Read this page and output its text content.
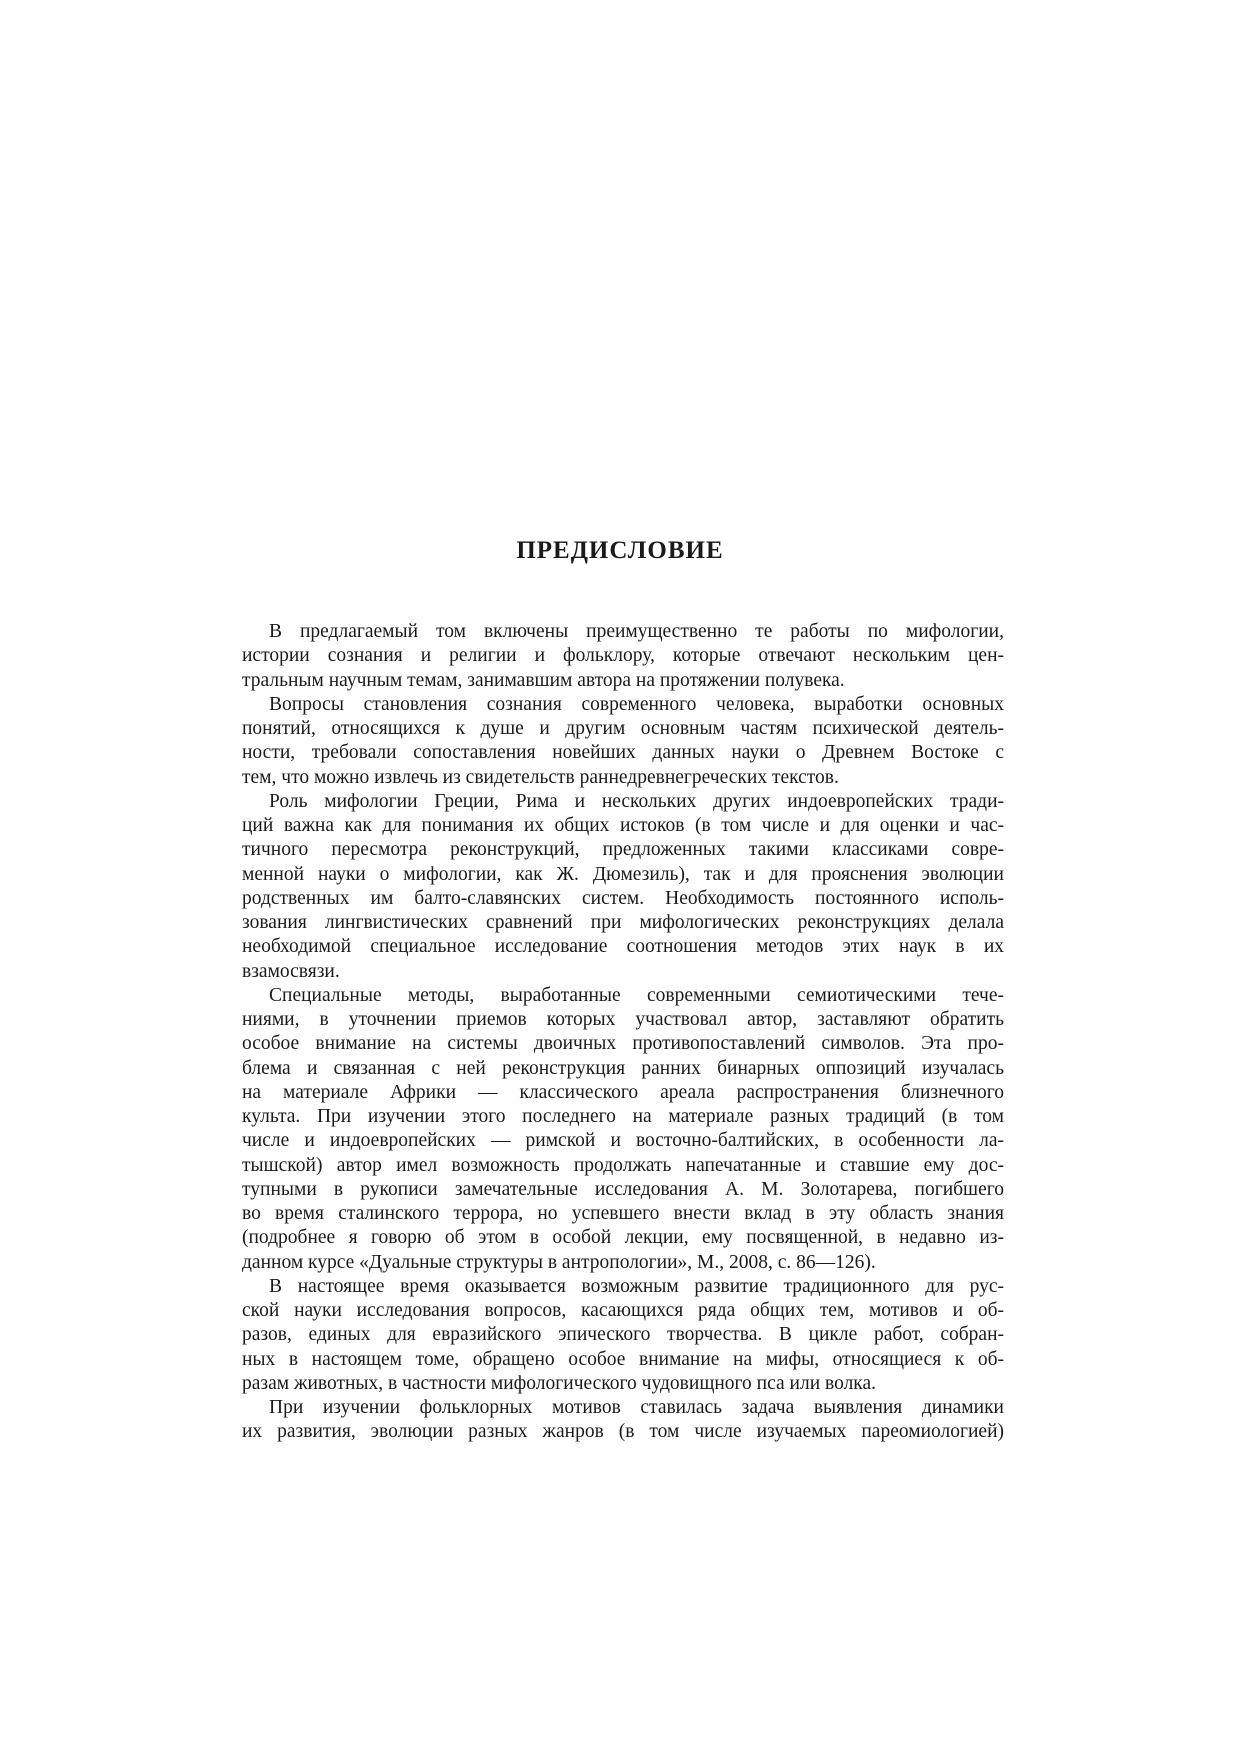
ПРЕДИСЛОВИЕ
В предлагаемый том включены преимущественно те работы по мифологии,
истории сознания и религии и фольклору, которые отвечают нескольким цен-
тральным научным темам, занимавшим автора на протяжении полувека.
Вопросы становления сознания современного человека, выработки основных
понятий, относящихся к душе и другим основным частям психической деятель-
ности, требовали сопоставления новейших данных науки о Древнем Востоке с
тем, что можно извлечь из свидетельств раннедревнегреческих текстов.
Роль мифологии Греции, Рима и нескольких других индоевропейских тради-
ций важна как для понимания их общих истоков (в том числе и для оценки и час-
тичного пересмотра реконструкций, предложенных такими классиками совре-
менной науки о мифологии, как Ж. Дюмезиль), так и для прояснения эволюции
родственных им балто-славянских систем. Необходимость постоянного исполь-
зования лингвистических сравнений при мифологических реконструкциях делала
необходимой специальное исследование соотношения методов этих наук в их
взамосвязи.
Специальные методы, выработанные современными семиотическими тече-
ниями, в уточнении приемов которых участвовал автор, заставляют обратить
особое внимание на системы двоичных противопоставлений символов. Эта про-
блема и связанная с ней реконструкция ранних бинарных оппозиций изучалась
на материале Африки — классического ареала распространения близнечного
культа. При изучении этого последнего на материале разных традиций (в том
числе и индоевропейских — римской и восточно-балтийских, в особенности ла-
тышской) автор имел возможность продолжать напечатанные и ставшие ему дос-
тупными в рукописи замечательные исследования А. М. Золотарева, погибшего
во время сталинского террора, но успевшего внести вклад в эту область знания
(подробнее я говорю об этом в особой лекции, ему посвященной, в недавно из-
данном курсе «Дуальные структуры в антропологии», М., 2008, с. 86—126).
В настоящее время оказывается возможным развитие традиционного для рус-
ской науки исследования вопросов, касающихся ряда общих тем, мотивов и об-
разов, единых для евразийского эпического творчества. В цикле работ, собран-
ных в настоящем томе, обращено особое внимание на мифы, относящиеся к об-
разам животных, в частности мифологического чудовищного пса или волка.
При изучении фольклорных мотивов ставилась задача выявления динамики
их развития, эволюции разных жанров (в том числе изучаемых пареомиологией)
